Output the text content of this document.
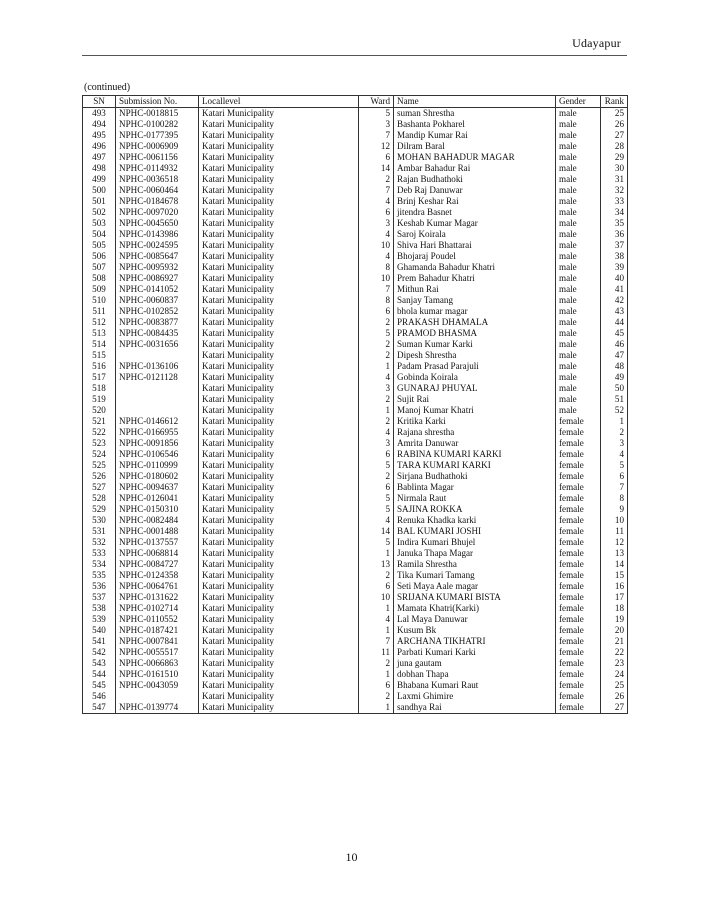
Udayapur
(continued)
SN	Submission No.	Locallevel	Ward	Name	Gender	Rank
493	NPHC-0018815	Katari Municipality	5	suman Shrestha	male	25
494	NPHC-0100282	Katari Municipality	3	Bashanta Pokharel	male	26
495	NPHC-0177395	Katari Municipality	7	Mandip Kumar Rai	male	27
496	NPHC-0006909	Katari Municipality	12	Dilram Baral	male	28
497	NPHC-0061156	Katari Municipality	6	MOHAN BAHADUR MAGAR	male	29
498	NPHC-0114932	Katari Municipality	14	Ambar Bahadur Rai	male	30
499	NPHC-0036518	Katari Municipality	2	Rajan Budhathoki	male	31
500	NPHC-0060464	Katari Municipality	7	Deb Raj Danuwar	male	32
501	NPHC-0184678	Katari Municipality	4	Brinj Keshar Rai	male	33
502	NPHC-0097020	Katari Municipality	6	jitendra Basnet	male	34
503	NPHC-0045650	Katari Municipality	3	Keshab Kumar Magar	male	35
504	NPHC-0143986	Katari Municipality	4	Saroj Koirala	male	36
505	NPHC-0024595	Katari Municipality	10	Shiva Hari Bhattarai	male	37
506	NPHC-0085647	Katari Municipality	4	Bhojaraj Poudel	male	38
507	NPHC-0095932	Katari Municipality	8	Ghamanda Bahadur Khatri	male	39
508	NPHC-0086927	Katari Municipality	10	Prem Bahadur Khatri	male	40
509	NPHC-0141052	Katari Municipality	7	Mithun Rai	male	41
510	NPHC-0060837	Katari Municipality	8	Sanjay Tamang	male	42
511	NPHC-0102852	Katari Municipality	6	bhola kumar magar	male	43
512	NPHC-0083877	Katari Municipality	2	PRAKASH DHAMALA	male	44
513	NPHC-0084435	Katari Municipality	5	PRAMOD BHASMA	male	45
514	NPHC-0031656	Katari Municipality	2	Suman Kumar Karki	male	46
515		Katari Municipality	2	Dipesh Shrestha	male	47
516	NPHC-0136106	Katari Municipality	1	Padam Prasad Parajuli	male	48
517	NPHC-0121128	Katari Municipality	4	Gobinda Koirala	male	49
518		Katari Municipality	3	GUNARAJ PHUYAL	male	50
519		Katari Municipality	2	Sujit Rai	male	51
520		Katari Municipality	1	Manoj Kumar Khatri	male	52
521	NPHC-0146612	Katari Municipality	2	Kritika Karki	female	1
522	NPHC-0166955	Katari Municipality	4	Rajana shrestha	female	2
523	NPHC-0091856	Katari Municipality	3	Amrita Danuwar	female	3
524	NPHC-0106546	Katari Municipality	6	RABINA KUMARI KARKI	female	4
525	NPHC-0110999	Katari Municipality	5	TARA KUMARI KARKI	female	5
526	NPHC-0180602	Katari Municipality	2	Sirjana Budhathoki	female	6
527	NPHC-0094637	Katari Municipality	6	Bablinta Magar	female	7
528	NPHC-0126041	Katari Municipality	5	Nirmala Raut	female	8
529	NPHC-0150310	Katari Municipality	5	SAJINA ROKKA	female	9
530	NPHC-0082484	Katari Municipality	4	Renuka Khadka karki	female	10
531	NPHC-0001488	Katari Municipality	14	BAL KUMARI JOSHI	female	11
532	NPHC-0137557	Katari Municipality	5	Indira Kumari Bhujel	female	12
533	NPHC-0068814	Katari Municipality	1	Januka Thapa Magar	female	13
534	NPHC-0084727	Katari Municipality	13	Ramila Shrestha	female	14
535	NPHC-0124358	Katari Municipality	2	Tika Kumari Tamang	female	15
536	NPHC-0064761	Katari Municipality	6	Seti Maya Aale magar	female	16
537	NPHC-0131622	Katari Municipality	10	SRIJANA KUMARI BISTA	female	17
538	NPHC-0102714	Katari Municipality	1	Mamata Khatri(Karki)	female	18
539	NPHC-0110552	Katari Municipality	4	Lal Maya Danuwar	female	19
540	NPHC-0187421	Katari Municipality	1	Kusum Bk	female	20
541	NPHC-0007841	Katari Municipality	7	ARCHANA TIKHATRI	female	21
542	NPHC-0055517	Katari Municipality	11	Parbati Kumari Karki	female	22
543	NPHC-0066863	Katari Municipality	2	juna gautam	female	23
544	NPHC-0161510	Katari Municipality	1	dobhan Thapa	female	24
545	NPHC-0043059	Katari Municipality	6	Bhabana Kumari Raut	female	25
546		Katari Municipality	2	Laxmi Ghimire	female	26
547	NPHC-0139774	Katari Municipality	1	sandhya Rai	female	27
10
